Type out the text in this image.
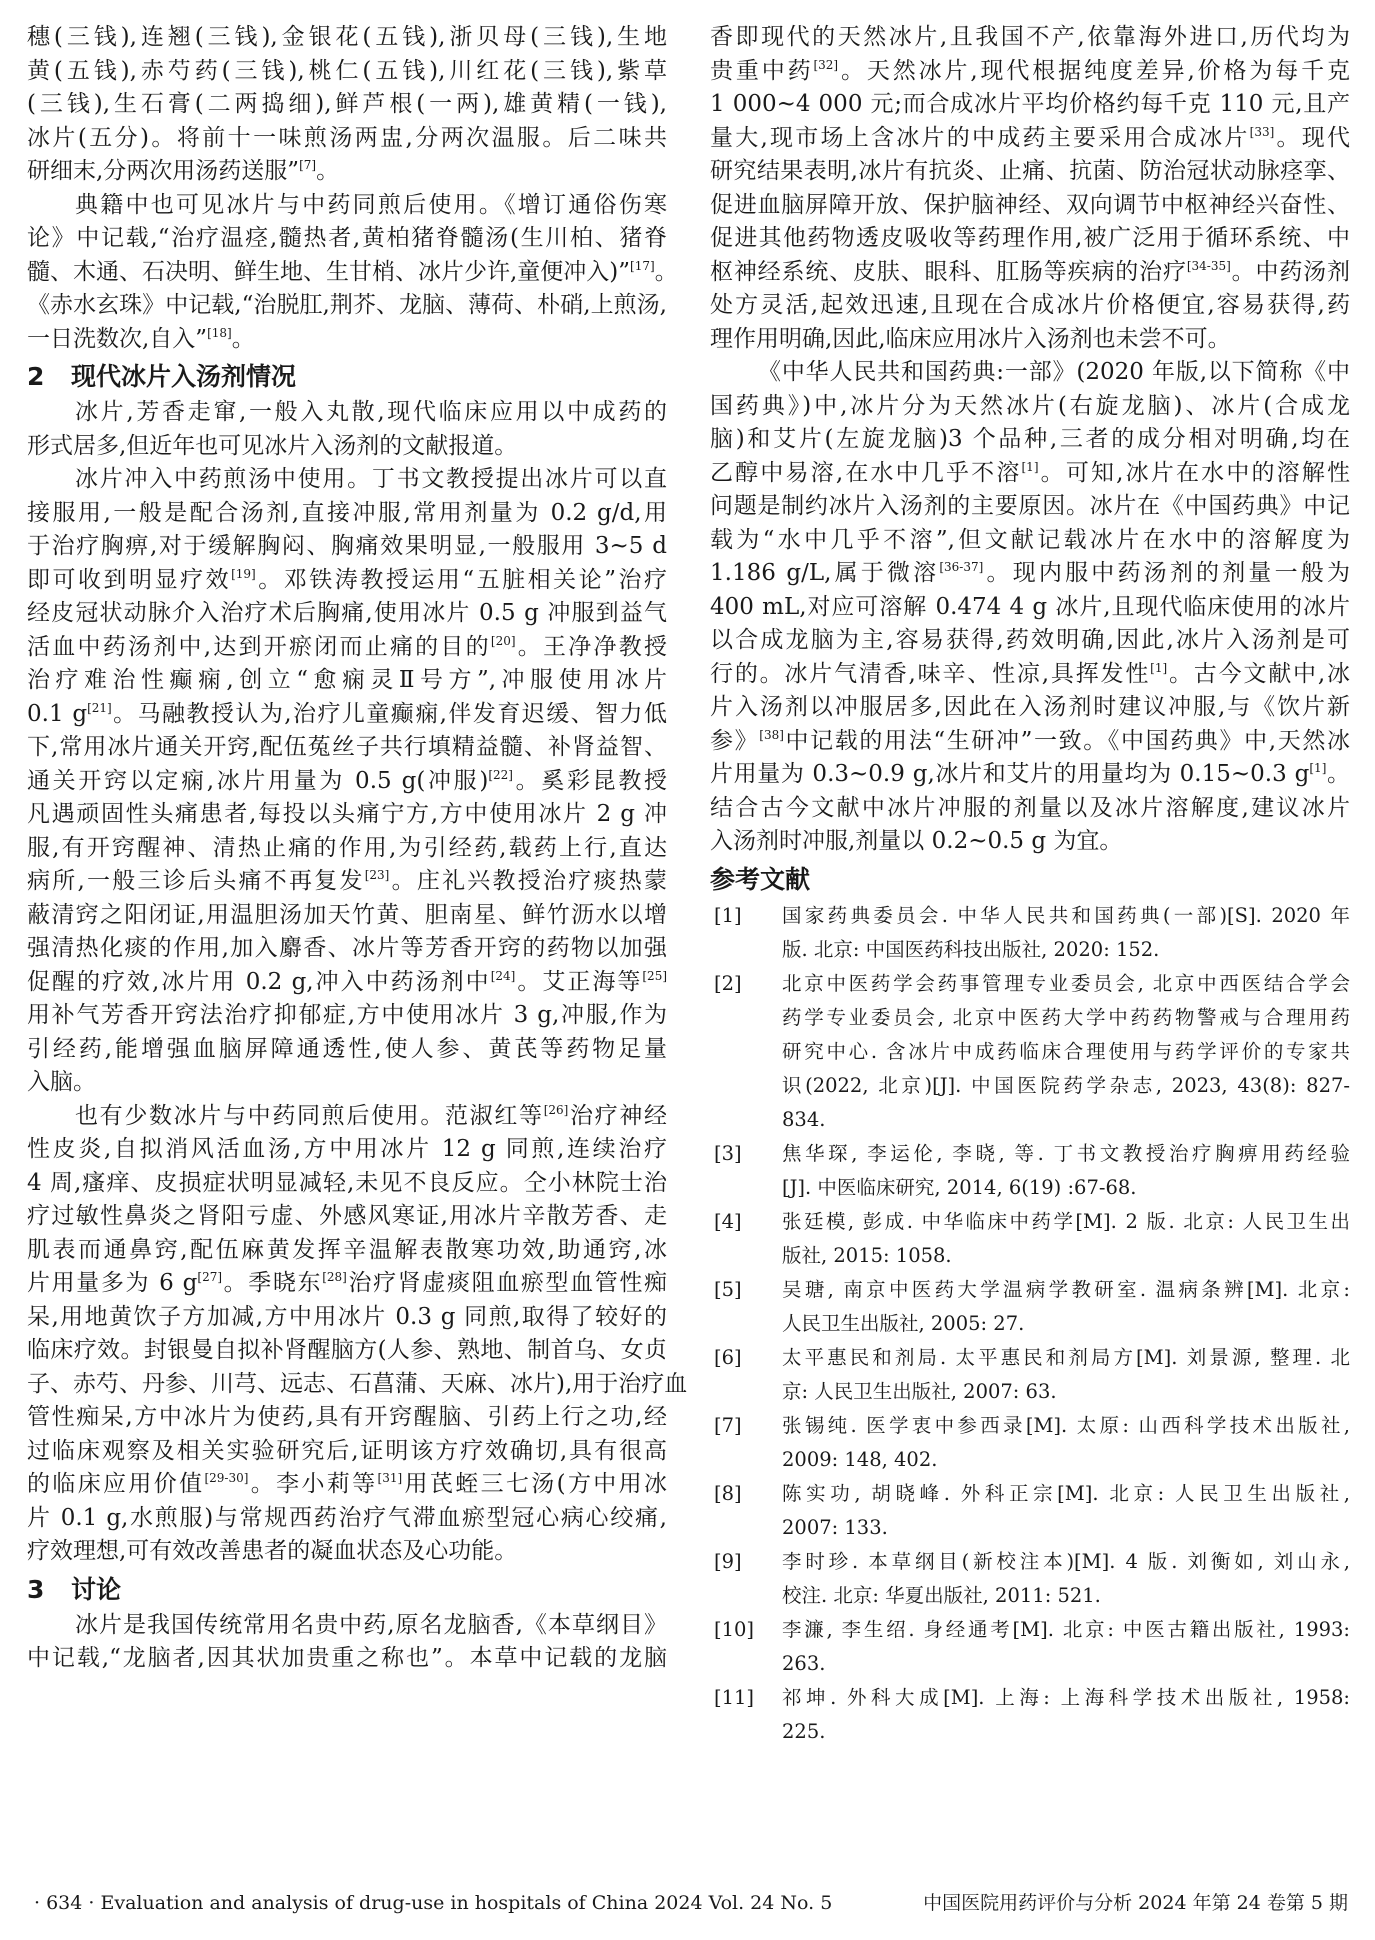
穗(三钱),连翘(三钱),金银花(五钱),浙贝母(三钱),生地
黄(五钱),赤芍药(三钱),桃仁(五钱),川红花(三钱),紫草
(三钱),生石膏(二两捣细),鲜芦根(一两),雄黄精(一钱),
冰片(五分)。将前十一味煎汤两盅,分两次温服。后二味共
研细末,分两次用汤药送服”[7]。
典籍中也可见冰片与中药同煎后使用。《增订通俗伤寒
论》中记载,“治疗温痉,髓热者,黄柏猪脊髓汤(生川柏、猪脊
髓、木通、石决明、鲜生地、生甘梢、冰片少许,童便冲入)”[17]。
《赤水玄珠》中记载,“治脱肛,荆芥、龙脑、薄荷、朴硝,上煎汤,
一日洗数次,自入”[18]。
2 现代冰片入汤剂情况
冰片,芳香走窜,一般入丸散,现代临床应用以中成药的
形式居多,但近年也可见冰片入汤剂的文献报道。
冰片冲入中药煎汤中使用。丁书文教授提出冰片可以直
接服用,一般是配合汤剂,直接冲服,常用剂量为 0.2 g/d,用
于治疗胸痹,对于缓解胸闷、胸痛效果明显,一般服用 3~5 d
即可收到明显疗效[19]。邓铁涛教授运用“五脏相关论”治疗
经皮冠状动脉介入治疗术后胸痛,使用冰片 0.5 g 冲服到益气
活血中药汤剂中,达到开瘀闭而止痛的目的[20]。王净净教授
治疗难治性癫痫,创立“愈痫灵Ⅱ号方”,冲服使用冰片
0.1 g[21]。马融教授认为,治疗儿童癫痫,伴发育迟缓、智力低
下,常用冰片通关开窍,配伍菟丝子共行填精益髓、补肾益智、
通关开窍以定痫,冰片用量为 0.5 g(冲服)[22]。奚彩昆教授
凡遇顽固性头痛患者,每投以头痛宁方,方中使用冰片 2 g 冲
服,有开窍醒神、清热止痛的作用,为引经药,载药上行,直达
病所,一般三诊后头痛不再复发[23]。庄礼兴教授治疗痰热蒙
蔽清窍之阳闭证,用温胆汤加天竹黄、胆南星、鲜竹沥水以增
强清热化痰的作用,加入麝香、冰片等芳香开窍的药物以加强
促醒的疗效,冰片用 0.2 g,冲入中药汤剂中[24]。艾正海等[25]
用补气芳香开窍法治疗抑郁症,方中使用冰片 3 g,冲服,作为
引经药,能增强血脑屏障通透性,使人参、黄芪等药物足量
入脑。
也有少数冰片与中药同煎后使用。范淑红等[26]治疗神经
性皮炎,自拟消风活血汤,方中用冰片 12 g 同煎,连续治疗
4 周,瘙痒、皮损症状明显减轻,未见不良反应。仝小林院士治
疗过敏性鼻炎之肾阳亏虚、外感风寒证,用冰片辛散芳香、走
肌表而通鼻窍,配伍麻黄发挥辛温解表散寒功效,助通窍,冰
片用量多为 6 g[27]。季晓东[28]治疗肾虚痰阻血瘀型血管性痴
呆,用地黄饮子方加减,方中用冰片 0.3 g 同煎,取得了较好的
临床疗效。封银曼自拟补肾醒脑方(人参、熟地、制首乌、女贞
子、赤芍、丹参、川芎、远志、石菖蒲、天麻、冰片),用于治疗血
管性痴呆,方中冰片为使药,具有开窍醒脑、引药上行之功,经
过临床观察及相关实验研究后,证明该方疗效确切,具有很高
的临床应用价值[29-30]。李小莉等[31]用芪蛭三七汤(方中用冰
片 0.1 g,水煎服)与常规西药治疗气滞血瘀型冠心病心绞痛,
疗效理想,可有效改善患者的凝血状态及心功能。
3 讨论
冰片是我国传统常用名贵中药,原名龙脑香,《本草纲目》
中记载,“龙脑者,因其状加贵重之称也”。本草中记载的龙脑
香即现代的天然冰片,且我国不产,依靠海外进口,历代均为
贵重中药[32]。天然冰片,现代根据纯度差异,价格为每千克
1 000~4 000 元;而合成冰片平均价格约每千克 110 元,且产
量大,现市场上含冰片的中成药主要采用合成冰片[33]。现代
研究结果表明,冰片有抗炎、止痛、抗菌、防治冠状动脉痉挛、
促进血脑屏障开放、保护脑神经、双向调节中枢神经兴奋性、
促进其他药物透皮吸收等药理作用,被广泛用于循环系统、中
枢神经系统、皮肤、眼科、肛肠等疾病的治疗[34-35]。中药汤剂
处方灵活,起效迅速,且现在合成冰片价格便宜,容易获得,药
理作用明确,因此,临床应用冰片入汤剂也未尝不可。
《中华人民共和国药典:一部》(2020 年版,以下简称《中
国药典》)中,冰片分为天然冰片(右旋龙脑)、冰片(合成龙
脑)和艾片(左旋龙脑)3 个品种,三者的成分相对明确,均在
乙醇中易溶,在水中几乎不溶[1]。可知,冰片在水中的溶解性
问题是制约冰片入汤剂的主要原因。冰片在《中国药典》中记
载为“水中几乎不溶”,但文献记载冰片在水中的溶解度为
1.186 g/L,属于微溶[36-37]。现内服中药汤剂的剂量一般为
400 mL,对应可溶解 0.474 4 g 冰片,且现代临床使用的冰片
以合成龙脑为主,容易获得,药效明确,因此,冰片入汤剂是可
行的。冰片气清香,味辛、性凉,具挥发性[1]。古今文献中,冰
片入汤剂以冲服居多,因此在入汤剂时建议冲服,与《饮片新
参》[38]中记载的用法“生研冲”一致。《中国药典》中,天然冰
片用量为 0.3~0.9 g,冰片和艾片的用量均为 0.15~0.3 g[1]。
结合古今文献中冰片冲服的剂量以及冰片溶解度,建议冰片
入汤剂时冲服,剂量以 0.2~0.5 g 为宜。
参考文献
[1] 国家药典委员会. 中华人民共和国药典(一部)[S]. 2020 年
版. 北京: 中国医药科技出版社, 2020: 152.
[2] 北京中医药学会药事管理专业委员会, 北京中西医结合学会
药学专业委员会, 北京中医药大学中药药物警戒与合理用药
研究中心. 含冰片中成药临床合理使用与药学评价的专家共
识(2022, 北京)[J]. 中国医院药学杂志, 2023, 43(8): 827-
834.
[3] 焦华琛, 李运伦, 李晓, 等. 丁书文教授治疗胸痹用药经验
[J]. 中医临床研究, 2014, 6(19) :67-68.
[4] 张廷模, 彭成. 中华临床中药学[M]. 2 版. 北京: 人民卫生出
版社, 2015: 1058.
[5] 吴瑭, 南京中医药大学温病学教研室. 温病条辨[M]. 北京:
人民卫生出版社, 2005: 27.
[6] 太平惠民和剂局. 太平惠民和剂局方[M]. 刘景源, 整理. 北
京: 人民卫生出版社, 2007: 63.
[7] 张锡纯. 医学衷中参西录[M]. 太原: 山西科学技术出版社,
2009: 148, 402.
[8] 陈实功, 胡晓峰. 外科正宗[M]. 北京: 人民卫生出版社,
2007: 133.
[9] 李时珍. 本草纲目(新校注本)[M]. 4 版. 刘衡如, 刘山永,
校注. 北京: 华夏出版社, 2011: 521.
[10] 李濂, 李生绍. 身经通考[M]. 北京: 中医古籍出版社, 1993:
263.
[11] 祁坤. 外科大成[M]. 上海: 上海科学技术出版社, 1958:
225.
· 634 · Evaluation and analysis of drug-use in hospitals of China 2024 Vol. 24 No. 5	中国医院用药评价与分析 2024 年第 24 卷第 5 期
